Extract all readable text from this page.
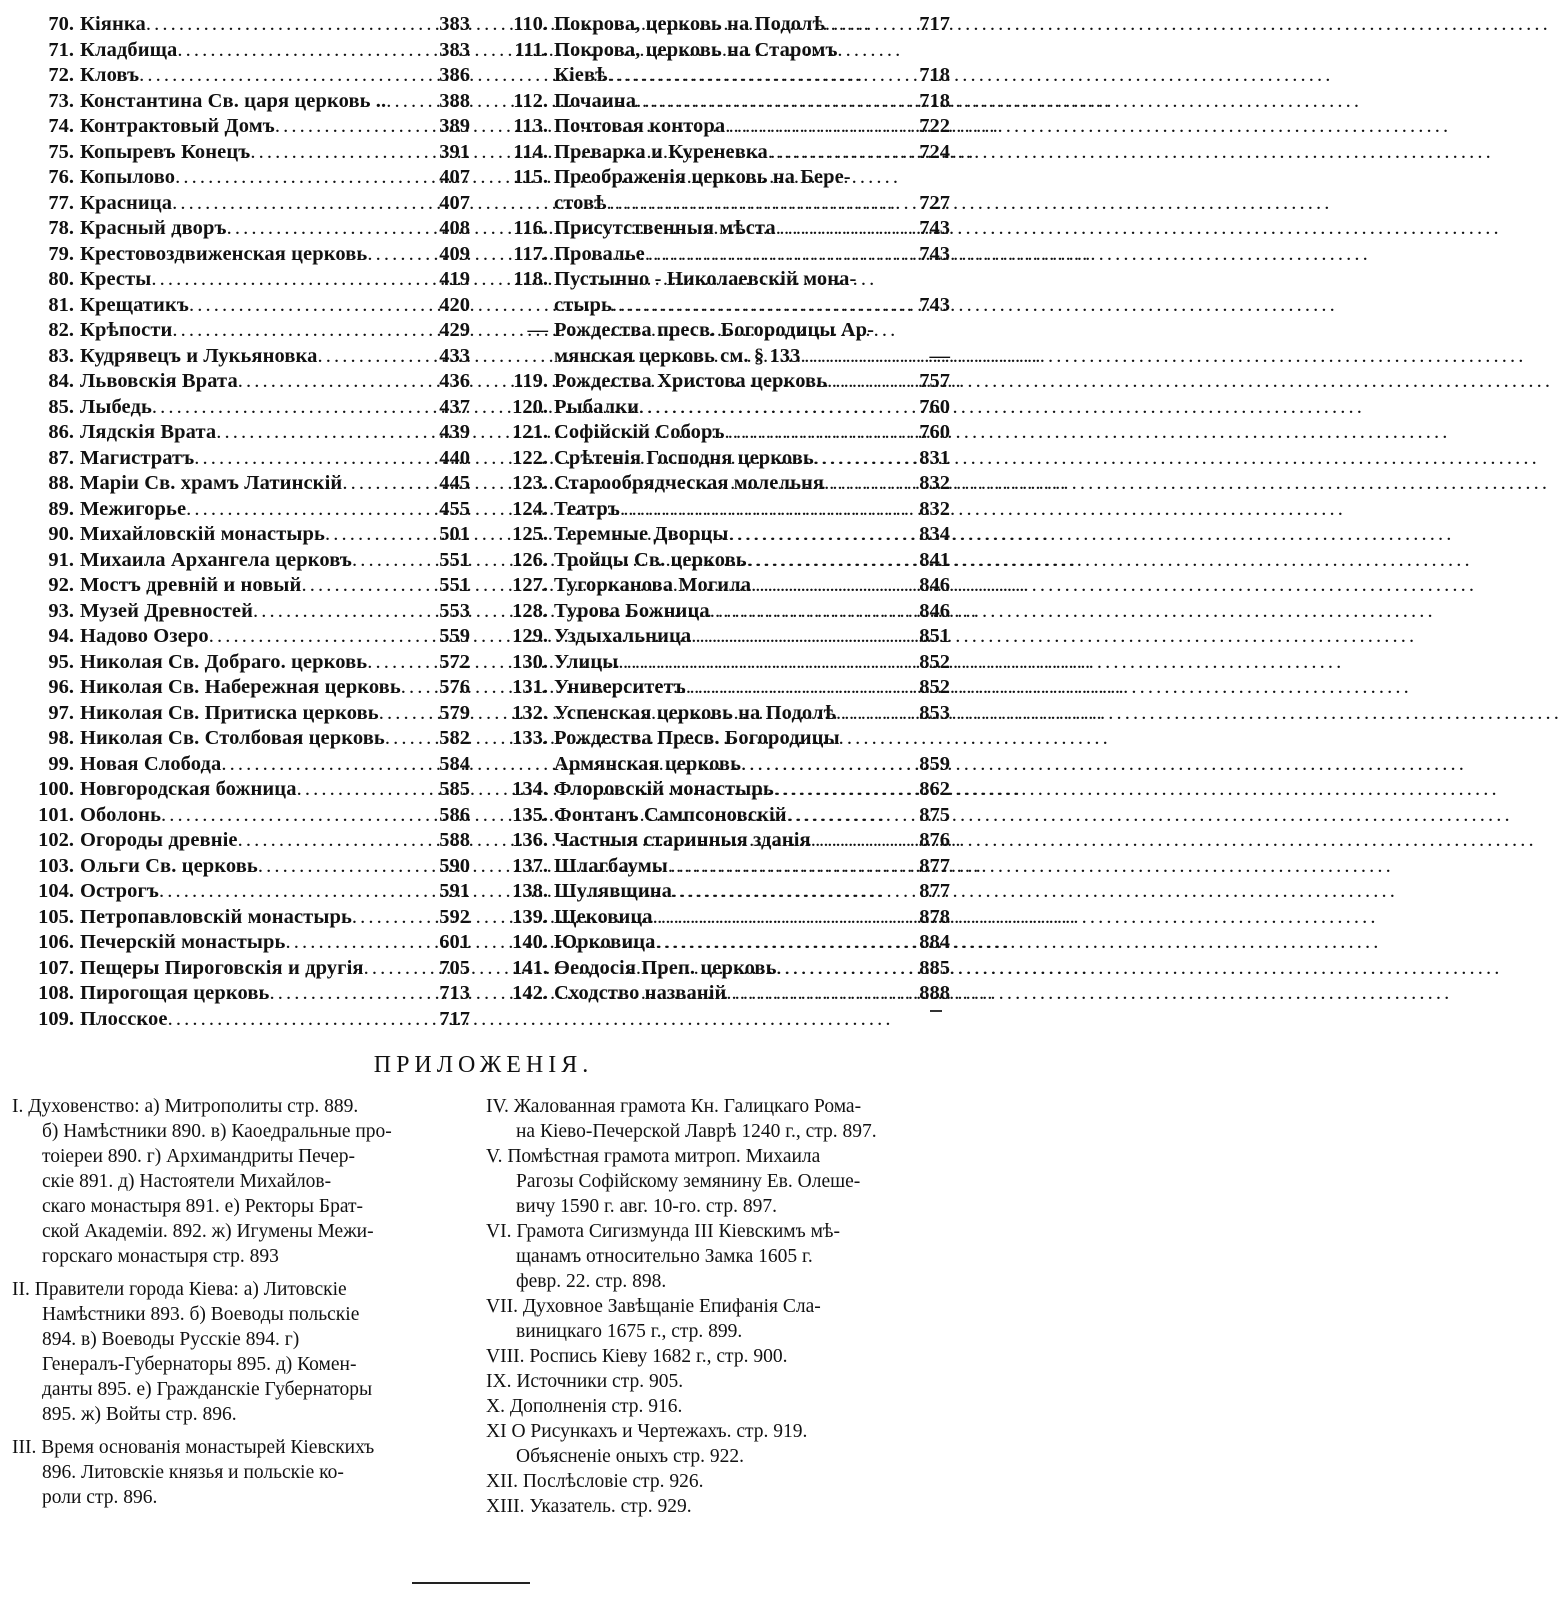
70. Кіянка . . .	383
71. Кладбища . . .	383
72. Кловъ . . .	386
73. Константина Св. царя церковь .. . . .	388
74. Контрактовый Домъ . . .	389
75. Копыревъ Конецъ . . .	391
76. Копылово . . .	407
77. Красница . . .	407
78. Красный дворъ . . .	408
79. Крестовоздвиженская церковь . . .	409
80. Кресты . . .	419
81. Крещатикъ . . .	420
82. Крѣпости . . .	429
83. Кудрявецъ и Лукьяновка . . .	433
84. Львовскія Врата . . .	436
85. Лыбедь . . .	437
86. Лядскія Врата . . .	439
87. Магистратъ . . .	440
88. Маріи Св. храмъ Латинскій . . .	445
89. Межигорье . . .	455
90. Михайловскій монастырь . . .	501
91. Михаила Архангела церковъ . . .	551
92. Мостъ древній и новый . . .	551
93. Музей Древностей . . .	553
94. Надово Озеро . . .	559
95. Николая Св. Добраго. церковь . . .	572
96. Николая Св. Набережная церковь . . . 576
97. Николая Св. Притиска церковь . . .	579
98. Николая Св. Столбовая церковь . . .	582
99. Новая Слобода . . .	584
100. Новгородская божница . . .	585
101. Оболонь . . .	586
102. Огороды древніе . . .	588
103. Ольги Св. церковь . . .	590
104. Острогъ . . .	591
105. Петропавловскій монастырь . . .	592
106. Печерскій монастырь . . .	601
107. Пещеры Пироговскія и другія . . .	705
108. Пирогощая церковь . . .	713
109. Плосское . . .	717
110. Покрова, церковь на Подолѣ . . .	717
111. Покрова, церковь на Старомъ
Кіевѣ . . .	718
112. Почаина . . .	718
113. Почтовая контора . . .	722
114. Преварка и Куреневка . . .	724
115. Преображенія церковь на Бере-
стовѣ . . .	727
116. Присутственныя мѣста . . .	743
117. Провалье . . .	743
118. Пустынно - Николаевскій мона-
стырь . . .	743
— Рождества пресв. Богородицы Ар-
мянская церковь см. § 133 . . .	—
119. Рождества Христова церковь . . .	757
120. Рыбалки . . .	760
121. Софійскій Соборъ . . .	760
122. Срѣтенія Господня церковь . . .	831
123. Старообрядческая молельня . . .	832
124. Театръ . . .	832
125. Теремные Дворцы . . .	834
126. Тройцы Св. церковь . . .	841
127. Тугорканова Могила . . .	846
128. Турова Божница . . .	846
129. Уздыхальница . . .	851
130. Улицы . . .	852
131. Университетъ . . .	852
132. Успенская церковь на Подолѣ . . .	853
133. Рождества Пресв. Богородицы
Армянская церковь . . .	859
134. Флоровскій монастырь . . .	862
135. Фонтанъ Сампсоновскій . . .	875
136. Частныя старинныя зданія . . .	876
137. Шлагбаумы . . .	877
138. Шулявщина . . .	877
139. Щековица . . .	878
140. Юрковица . . .	884
141. Өеодосія Преп. церковь . . .	885
142. Сходство названій . . .	888
ПРИЛОЖЕНІЯ.
I. Духовенство: а) Митрополиты стр. 889.
б) Намѣстники 890. в) Каоедральные про-
тоіереи 890. г) Архимандриты Печер-
скіе 891. д) Настоятели Михайлов-
скаго монастыря 891. е) Ректоры Брат-
ской Академіи. 892. ж) Игумены Межи-
горскаго монастыря стр. 893
II. Правители города Кіева: а) Литовскіе
Намѣстники 893. б) Воеводы польскіе
894. в) Воеводы Русскіе 894. г)
Генералъ-Губернаторы 895. д) Комен-
данты 895. е) Гражданскіе Губернаторы
895. ж) Войты стр. 896.
III. Время основанія монастырей Кіевскихъ
896. Литовскіе князья и польскіе ко-
роли стр. 896.
IV. Жалованная грамота Кн. Галицкаго Рома-
на Кіево-Печерской Лаврѣ 1240 г., стр. 897.
V. Помѣстная грамота митроп. Михаила
Рагозы Софійскому земянину Ев. Олеше-
вичу 1590 г. авг. 10-го. стр. 897.
VI. Грамота Сигизмунда III Кіевскимъ мѣ-
щанамъ относительно Замка 1605 г.
февр. 22. стр. 898.
VII. Духовное Завѣщаніе Епифанія Сла-
виницкаго 1675 г., стр. 899.
VIII. Роспись Кіеву 1682 г., стр. 900.
IX. Источники стр. 905.
X. Дополненія стр. 916.
XI О Рисункахъ и Чертежахъ. стр. 919.
Объясненіе оныхъ стр. 922.
XII. Послѣсловіе стр. 926.
XIII. Указатель. стр. 929.
